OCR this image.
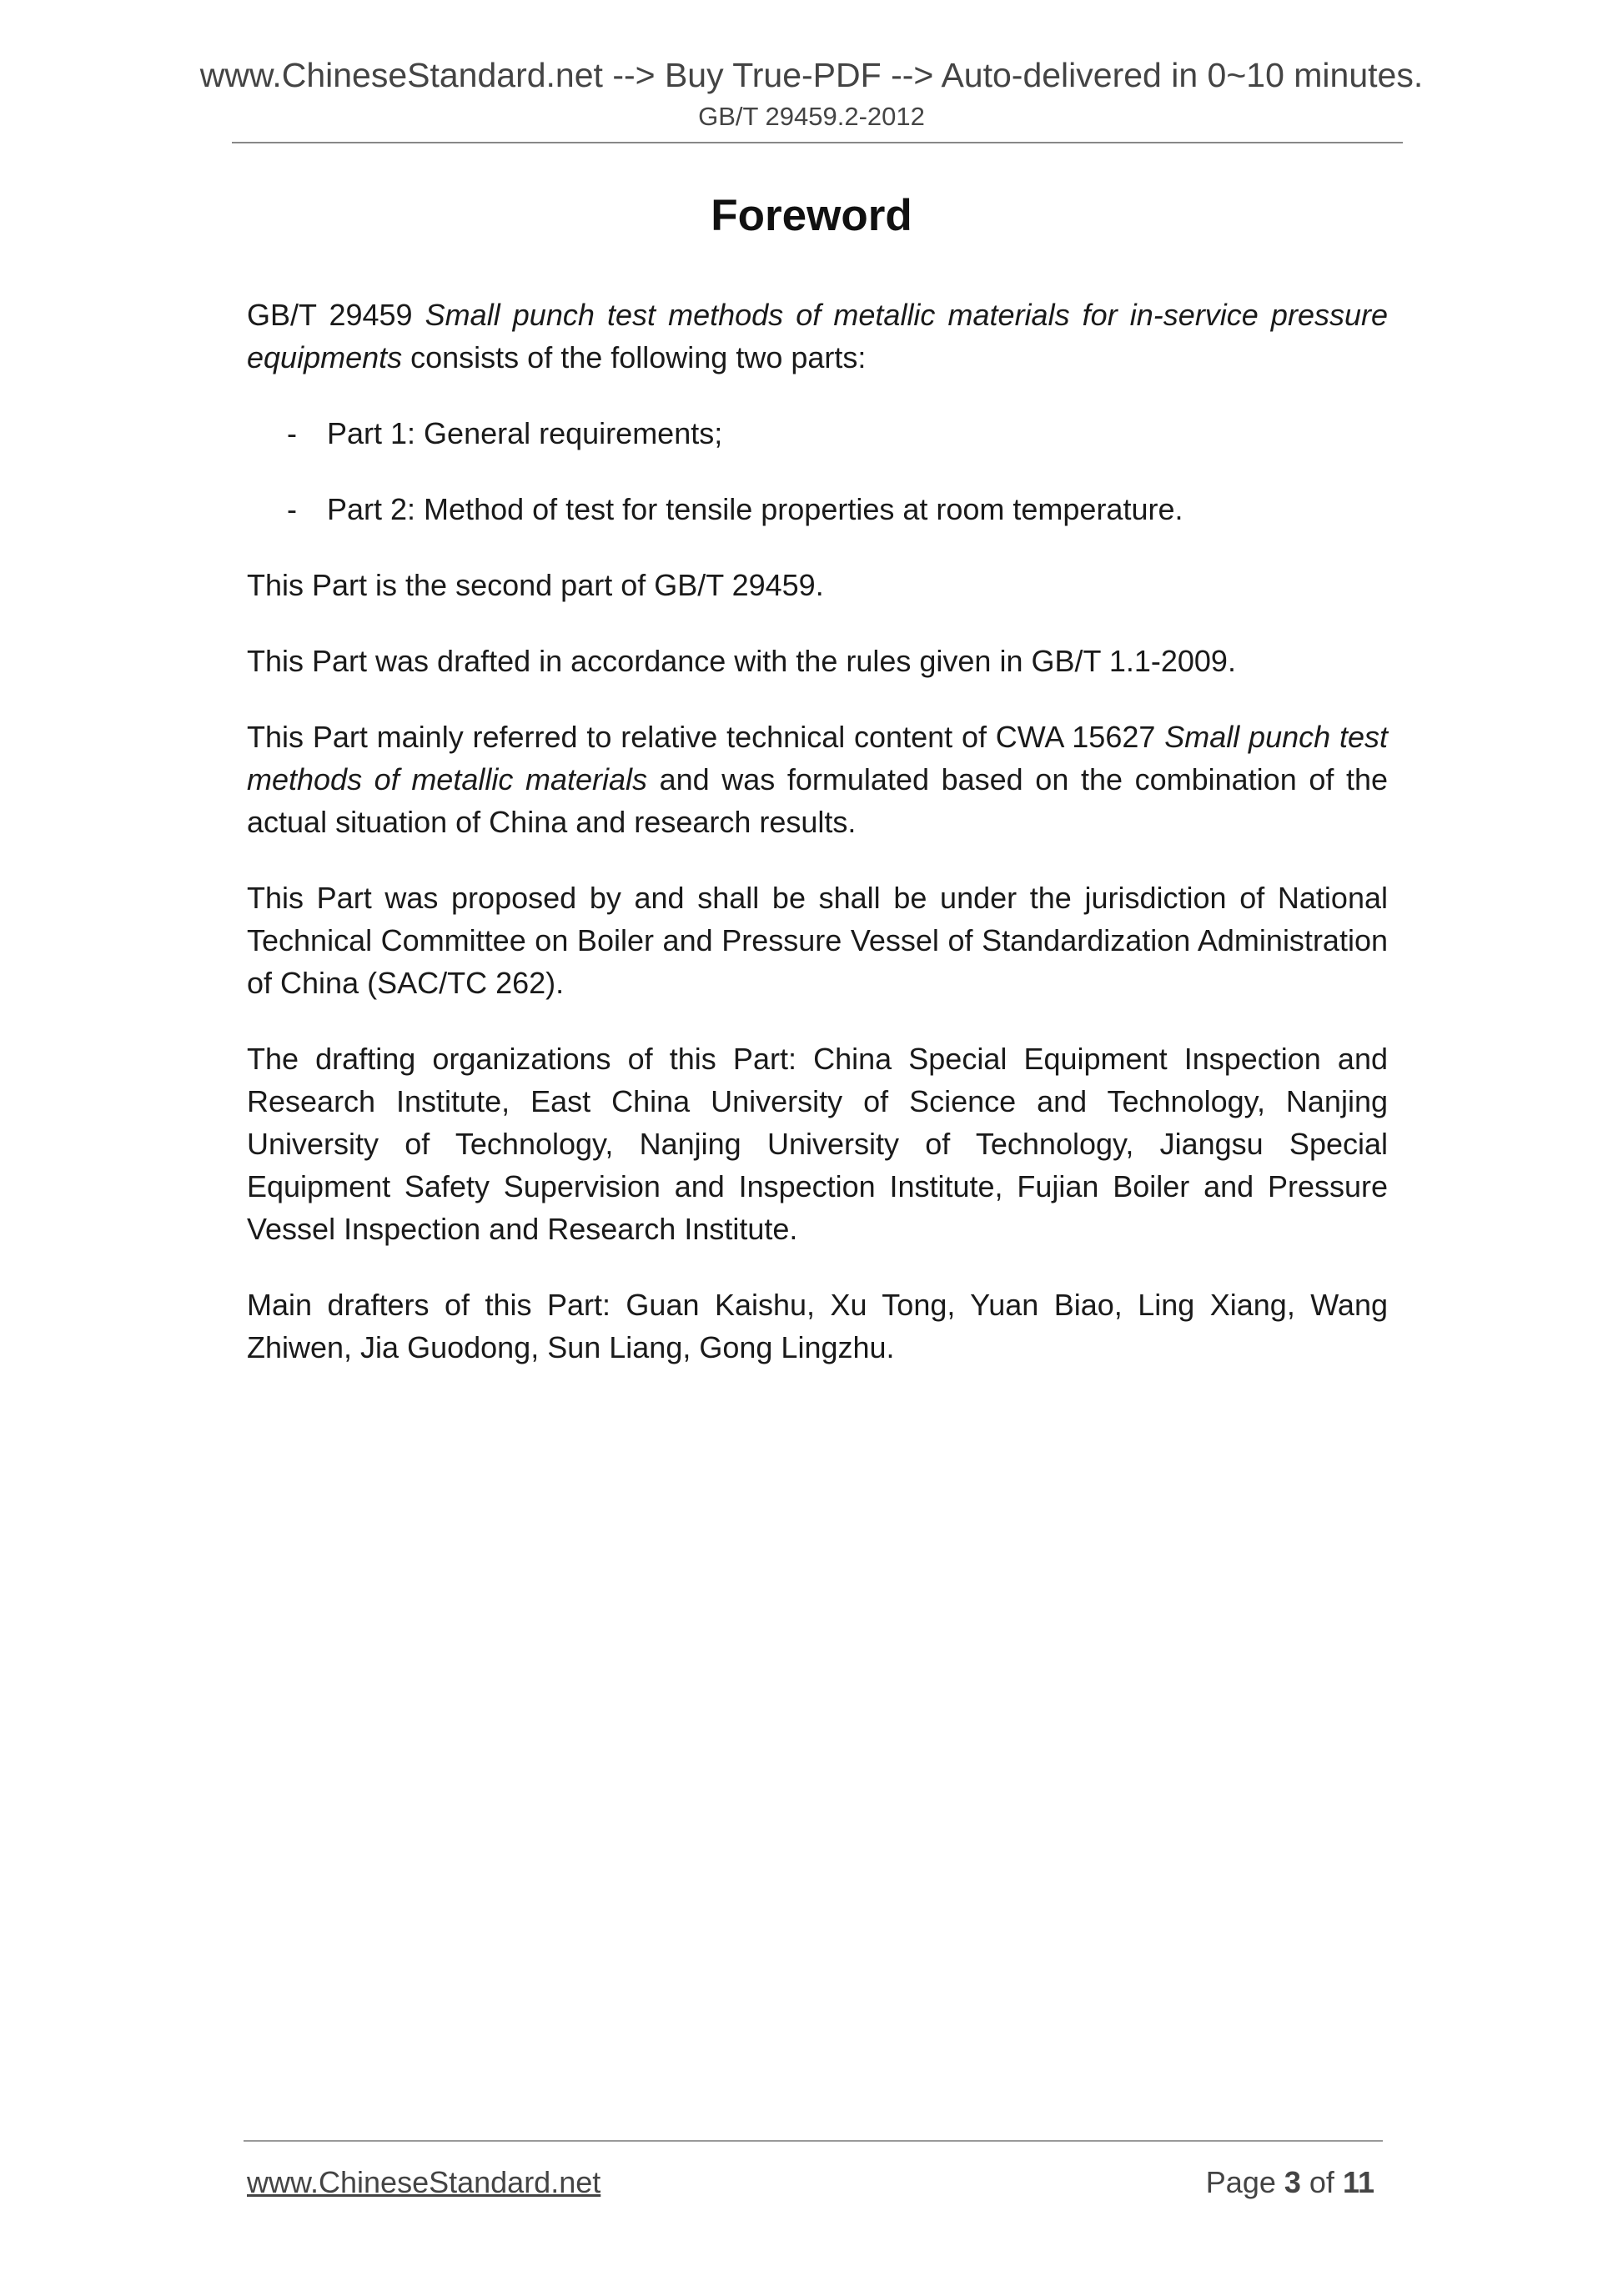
www.ChineseStandard.net --> Buy True-PDF --> Auto-delivered in 0~10 minutes.
GB/T 29459.2-2012
Foreword

GB/T 29459 Small punch test methods of metallic materials for in-service pressure equipments consists of the following two parts:

- Part 1: General requirements;

- Part 2: Method of test for tensile properties at room temperature.

This Part is the second part of GB/T 29459.

This Part was drafted in accordance with the rules given in GB/T 1.1-2009.

This Part mainly referred to relative technical content of CWA 15627 Small punch test methods of metallic materials and was formulated based on the combination of the actual situation of China and research results.

This Part was proposed by and shall be shall be under the jurisdiction of National Technical Committee on Boiler and Pressure Vessel of Standardization Administration of China (SAC/TC 262).

The drafting organizations of this Part: China Special Equipment Inspection and Research Institute, East China University of Science and Technology, Nanjing University of Technology, Nanjing University of Technology, Jiangsu Special Equipment Safety Supervision and Inspection Institute, Fujian Boiler and Pressure Vessel Inspection and Research Institute.

Main drafters of this Part: Guan Kaishu, Xu Tong, Yuan Biao, Ling Xiang, Wang Zhiwen, Jia Guodong, Sun Liang, Gong Lingzhu.

www.ChineseStandard.net	Page 3 of 11
